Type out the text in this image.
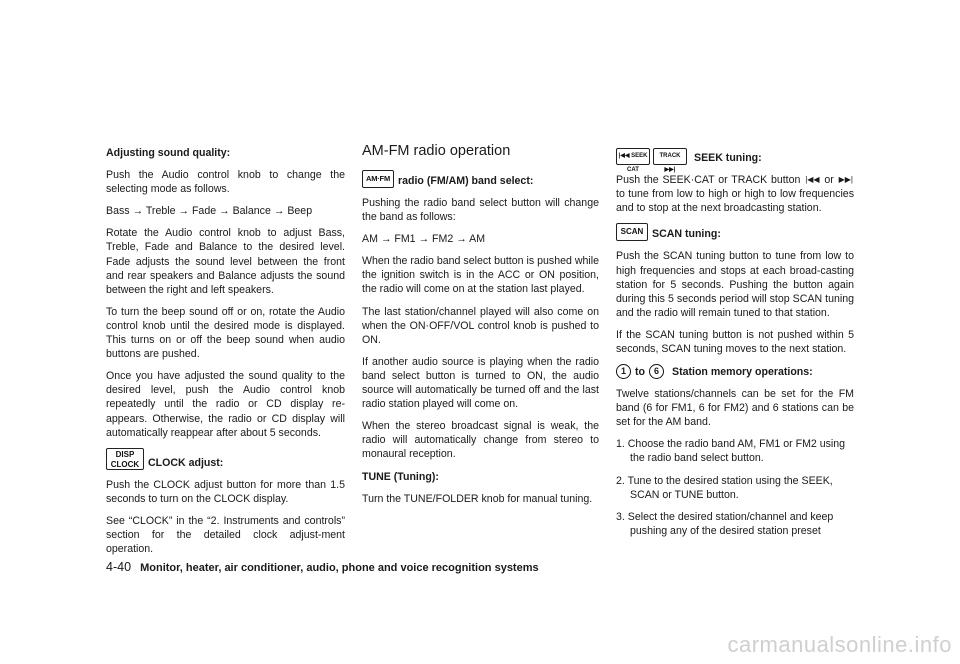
Adjusting sound quality:

Push the Audio control knob to change the selecting mode as follows.

Bass → Treble → Fade → Balance → Beep

Rotate the Audio control knob to adjust Bass, Treble, Fade and Balance to the desired level. Fade adjusts the sound level between the front and rear speakers and Balance adjusts the sound between the right and left speakers.

To turn the beep sound off or on, rotate the Audio control knob until the desired mode is displayed. This turns on or off the beep sound when audio buttons are pushed.

Once you have adjusted the sound quality to the desired level, push the Audio control knob repeatedly until the radio or CD display re-appears. Otherwise, the radio or CD display will automatically reappear after about 5 seconds.

DISP
CLOCK CLOCK adjust:

Push the CLOCK adjust button for more than 1.5 seconds to turn on the CLOCK display.

See “CLOCK” in the “2. Instruments and controls” section for the detailed clock adjust-ment operation.

AM-FM radio operation
AM·FM radio (FM/AM) band select:

Pushing the radio band select button will change the band as follows:

AM → FM1 → FM2 → AM

When the radio band select button is pushed while the ignition switch is in the ACC or ON position, the radio will come on at the station last played.

The last station/channel played will also come on when the ON·OFF/VOL control knob is pushed to ON.

If another audio source is playing when the radio band select button is turned to ON, the audio source will automatically be turned off and the last radio station played will come on.

When the stereo broadcast signal is weak, the radio will automatically change from stereo to monaural reception.

TUNE (Tuning):

Turn the TUNE/FOLDER knob for manual tuning.

|◀◀ SEEK CAT
TRACK ▶▶|
SEEK tuning:

Push the SEEK·CAT or TRACK button |◀◀ or ▶▶| to tune from low to high or high to low frequencies and to stop at the next broadcasting station.

SCAN SCAN tuning:

Push the SCAN tuning button to tune from low to high frequencies and stops at each broad-casting station for 5 seconds. Pushing the button again during this 5 seconds period will stop SCAN tuning and the radio will remain tuned to that station.

If the SCAN tuning button is not pushed within 5 seconds, SCAN tuning moves to the next station.

1 to 6	Station memory operations:

Twelve stations/channels can be set for the FM band (6 for FM1, 6 for FM2) and 6 stations can be set for the AM band.

1. Choose the radio band AM, FM1 or FM2 using the radio band select button.
2. Tune to the desired station using the SEEK, SCAN or TUNE button.
3. Select the desired station/channel and keep pushing any of the desired station preset
4-40 Monitor, heater, air conditioner, audio, phone and voice recognition systems
carmanualsonline.info
